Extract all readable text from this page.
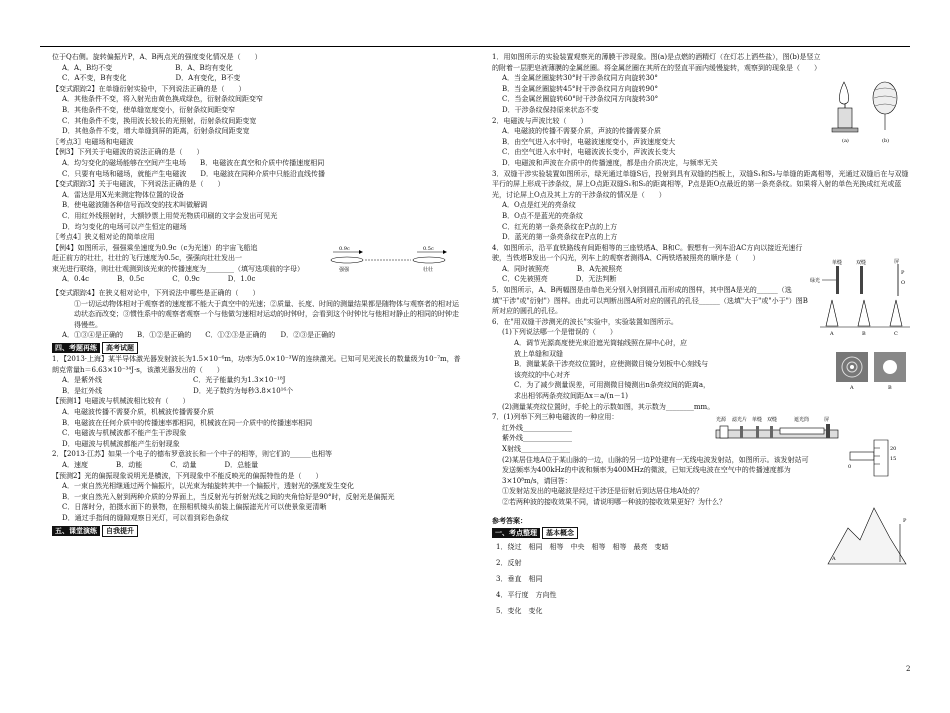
位于Q右侧。旋转偏振片P，A、B两点光的强度变化情况是（　　）
A．A、B均不变　　　　　　　　　B．A、B均有变化
C．A不变，B有变化　　　　　　　D．A有变化，B不变
【变式跟踪2】在单缝衍射实验中，下列说法正确的是（　　）
A．其他条件不变，将入射光由黄色换成绿色，衍射条纹间距变窄
B．其他条件不变，使单缝宽度变小，衍射条纹间距变窄
C．其他条件不变，换用波长较长的光照射，衍射条纹间距变宽
D．其他条件不变，增大单缝到屏的距离，衍射条纹间距变宽
〖考点3〗电磁场和电磁波
【例3】下列关于电磁波的说法正确的是（　　）
A．均匀变化的磁场能够在空间产生电场　　B．电磁波在真空和介质中传播速度相同
C．只要有电场和磁场，就能产生电磁波　　D．电磁波在同种介质中只能沿直线传播
【变式跟踪3】关于电磁波，下列说法正确的是（　　）
A．雷达是用X光来测定物体位置的设备
B．使电磁波随各种信号而改变的技术叫做解调
C．用红外线照射时，大额钞票上用荧光物质印刷的文字会发出可见光
D．均匀变化的电场可以产生恒定的磁场
〖考点4〗狭义相对论的简单应用
【例4】如图所示，强强乘坐速度为0.9c（c为光速）的宇宙飞船追
赶正前方的壮壮，壮壮的飞行速度为0.5c，强强向壮壮发出一
束光进行联络，则壮壮观测到该光束的传播速度为________（填写选项前的字母）
A．0.4c　　　　B．0.5c　　　　C．0.9c　　　　D．1.0c
【变式跟踪4】在狭义相对论中，下列说法中哪些是正确的（　　）
①一切运动物体相对于观察者的速度都不能大于真空中的光速；②质量、长度、时间的测量结果都是随物体与观察者的相对运动状态而改变；③惯性系中的观察者观察一个与他做匀速相对运动的时钟时，会看到这个时钟比与他相对静止的相同的时钟走得慢些。
A．①③④是正确的　　B．①②是正确的　　C．①②③是正确的　　D．②③是正确的
四、考题再练 高考试题
1．【2013·上海】某半导体激光器发射波长为1.5×10⁻⁶m，功率为5.0×10⁻³W的连续激光。已知可见光波长的数量级为10⁻⁷m，普朗克常量h＝6.63×10⁻³⁴J·s，该激光器发出的（　　）
A．是紫外线　　　　　　　　　　　　　C．光子能量约为1.3×10⁻¹⁸J
B．是红外线　　　　　　　　　　　　　D．光子数约为每秒3.8×10¹⁶个
【预测1】电磁波与机械波相比较有（　　）
A．电磁波传播不需要介质，机械波传播需要介质
B．电磁波在任何介质中的传播速率都相同，机械波在同一介质中的传播速率相同
C．电磁波与机械波都不能产生干涉现象
D．电磁波与机械波都能产生衍射现象
2．【2013·江苏】如果一个电子的德布罗意波长和一个中子的相等，则它们的______也相等
A．速度　　　　B．动能　　　　C．动量　　　　D．总能量
【预测2】光的偏振现象说明光是横波，下列现象中不能反映光的偏振特性的是（　　）
A．一束自然光相继通过两个偏振片，以光束为轴旋转其中一个偏振片，透射光的强度发生变化
B．一束自然光入射到两种介质的分界面上，当反射光与折射光线之间的夹角恰好是90°时，反射光是偏振光
C．日落时分，拍摄水面下的景物，在照相机镜头前装上偏振滤光片可以使景象更清晰
D．通过手指间的缝隙观察日光灯，可以看到彩色条纹
五、课堂演练 自我提升
0.9c	0.5c
强强	壮壮
1．用如图所示的实验装置观察光的薄膜干涉现象。图(a)是点燃的酒精灯（在灯芯上洒些盐），图(b)是竖立的附着一层肥皂液薄膜的金属丝圈。将金属丝圈在其所在的竖直平面内缓慢旋转，观察到的现象是（　　）
A．当金属丝圈旋转30°时干涉条纹同方向旋转30°
B．当金属丝圈旋转45°时干涉条纹同方向旋转90°
C．当金属丝圈旋转60°时干涉条纹同方向旋转30°
D．干涉条纹保持原来状态不变
2．电磁波与声波比较（　　）
A．电磁波的传播不需要介质，声波的传播需要介质
B．由空气进入水中时，电磁波速度变小，声波速度变大
C．由空气进入水中时，电磁波波长变小，声波波长变大
D．电磁波和声波在介质中的传播速度，都是由介质决定，与频率无关
3．双缝干涉实验装置如图所示，绿光通过单缝S后，投射到具有双缝的挡板上，双缝S₁和S₂与单缝的距离相等，光通过双缝后在与双缝平行的屏上形成干涉条纹，屏上O点距双缝S₁和S₂的距离相等，P点是距O点最近的第一条亮条纹。如果将入射的单色光换成红光或蓝光，讨论屏上O点及其上方的干涉条纹的情况是（　　）
A．O点是红光的亮条纹
B．O点不是蓝光的亮条纹
C．红光的第一条亮条纹在P点的上方
D．蓝光的第一条亮条纹在P点的上方
4．如图所示，沿平直铁路线有间距相等的三座铁塔A、B和C。假想有一列车沿AC方向以接近光速行驶，当铁塔B发出一个闪光，列车上的观察者测得A、C两铁塔被照亮的顺序是（　　）
A．同时被照亮　　　　B．A先被照亮
C．C先被照亮　　　　D．无法判断
5．如图所示，A、B两幅图是由单色光分别入射到圆孔而形成的图样，其中图A是光的______（选填"干涉"或"衍射"）图样。由此可以判断出图A所对应的圆孔的孔径______（选填"大于"或"小于"）图B所对应的圆孔的孔径。
6．在"用双缝干涉测光的波长"实验中，实验装置如图所示。
(1)下列说法哪一个是错误的（　　）
A．调节光源高度使光束沿遮光筒轴线照在屏中心时，应放上单缝和双缝
B．测量某条干涉亮纹位置时，应使测微目镜分划板中心刻线与该亮纹的中心对齐
C．为了减少测量误差，可用测微目镜测出n条亮纹间的距离a，求出相邻两条亮纹间距Δx＝a/(n－1)
(2)测量某亮纹位置时，手轮上的示数如图，其示数为________mm。
7．(1)列举下列三种电磁波的一种应用：
红外线______________
紫外线______________
X射线______________
(2)某居住地A位于某山脉的一边，山脉的另一边P处建有一无线电波发射站，如图所示。该发射站可发送频率为400kHz的中波和频率为400MHz的微波，已知无线电波在空气中的传播速度都为3×10⁸m/s，请回答：
①发射站发出的电磁波是经过干涉还是衍射后到达居住地A处的？
②若两种波的接收效果不同，请说明哪一种波的接收效果更好？为什么？
参考答案：
一、考点整理 基本概念
1．绕过　相同　相等　中央　相等　相等　最亮　变暗
2．反射
3．垂直　相同
4．平行度　方向性
5．变化　变化
(a)	(b)
绿光
单缝	双缝	屏
P
O
A	B	C
A	B
光源 滤光片 单缝 双缝	遮光筒	屏
20
15
0
A
P
2
